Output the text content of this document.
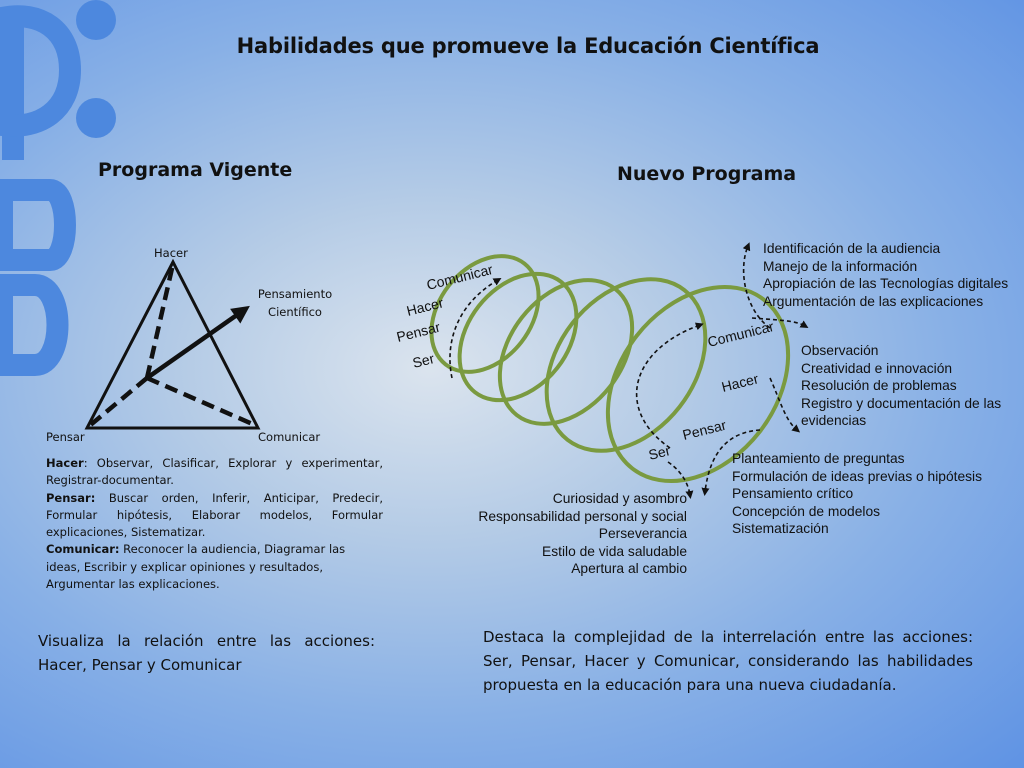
Habilidades que promueve la Educación Científica
Programa Vigente
Hacer
Pensar	Comunicar
Pensamiento
Científico

Hacer: Observar, Clasificar, Explorar y experimentar, Registrar-documentar.

Pensar: Buscar orden, Inferir, Anticipar, Predecir, Formular hipótesis, Elaborar modelos, Formular explicaciones, Sistematizar.

Comunicar: Reconocer la audiencia, Diagramar las ideas, Escribir y explicar opiniones y resultados, Argumentar las explicaciones.

Visualiza la relación entre las acciones: Hacer, Pensar y Comunicar
Nuevo Programa
Comunicar
Hacer
Pensar
Ser
Comunicar
Hacer
Pensar
Ser
Identificación de la audiencia
Manejo de la información
Apropiación de las Tecnologías digitales
Argumentación de las explicaciones
Observación
Creatividad e innovación
Resolución de problemas
Registro y documentación de las
evidencias
Planteamiento de preguntas
Formulación de ideas previas o hipótesis
Pensamiento crítico
Concepción de modelos
Sistematización
Curiosidad y asombro
Responsabilidad personal y social
Perseverancia
Estilo de vida saludable
Apertura al cambio
Destaca la complejidad de la interrelación entre las acciones: Ser, Pensar, Hacer y Comunicar, considerando las habilidades propuesta en la educación para una nueva ciudadanía.
